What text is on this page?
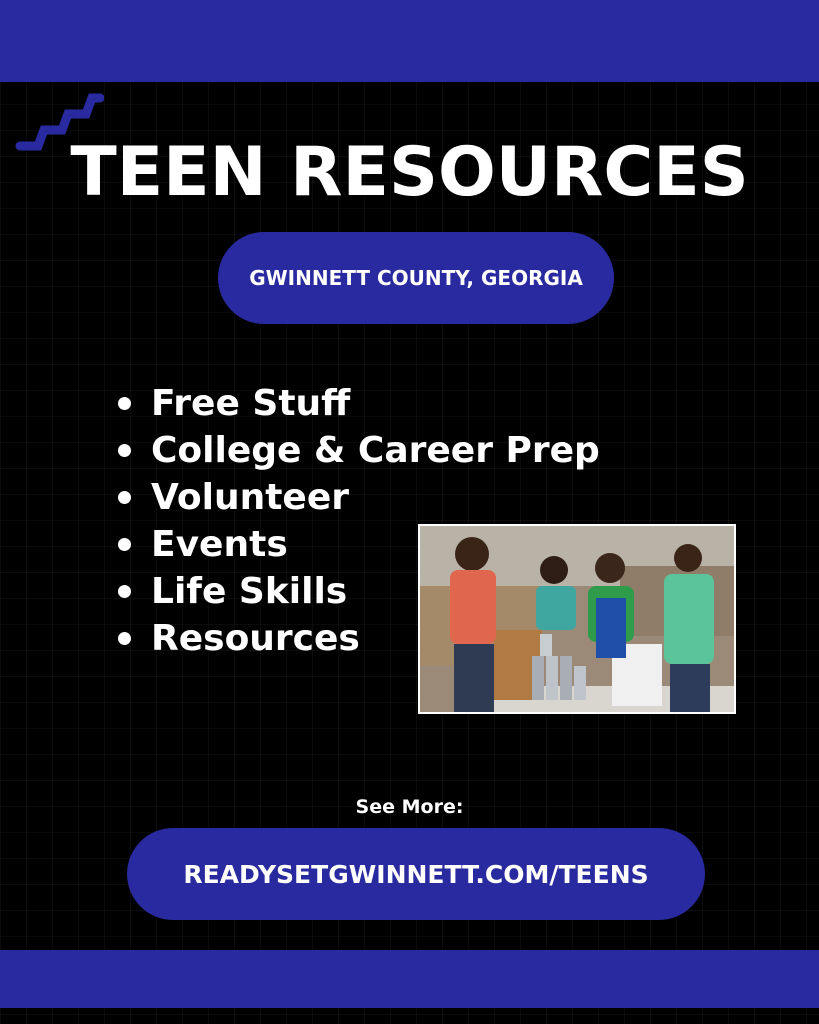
TEEN RESOURCES
GWINNETT COUNTY, GEORGIA
Free Stuff
College & Career Prep
Volunteer
Events
Life Skills
Resources
See More:
READYSETGWINNETT.COM/TEENS
